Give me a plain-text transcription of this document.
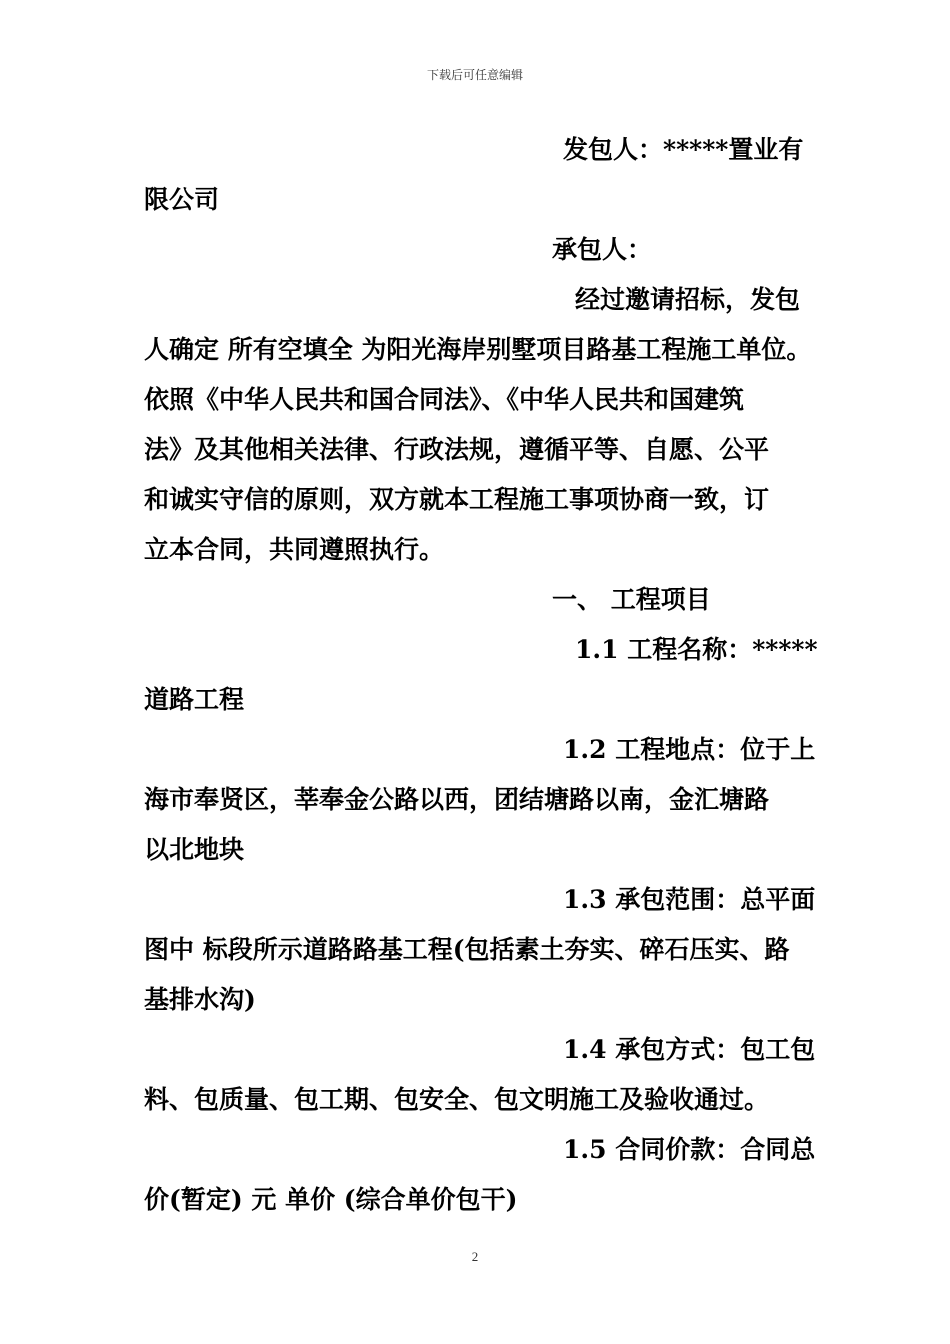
下载后可任意编辑
发包人：*****置业有
限公司
承包人：
经过邀请招标，发包
人确定 所有空填全 为阳光海岸别墅项目路基工程施工单位。
依照《中华人民共和国合同法》、《中华人民共和国建筑
法》及其他相关法律、行政法规，遵循平等、自愿、公平
和诚实守信的原则，双方就本工程施工事项协商一致，订
立本合同，共同遵照执行。
一、 工程项目
1.1 工程名称：*****
道路工程
1.2 工程地点：位于上
海市奉贤区，莘奉金公路以西，团结塘路以南，金汇塘路
以北地块
1.3 承包范围：总平面
图中 标段所示道路路基工程(包括素土夯实、碎石压实、路
基排水沟)
1.4 承包方式：包工包
料、包质量、包工期、包安全、包文明施工及验收通过。
1.5 合同价款：合同总
价(暂定) 元 单价 (综合单价包干)
2
